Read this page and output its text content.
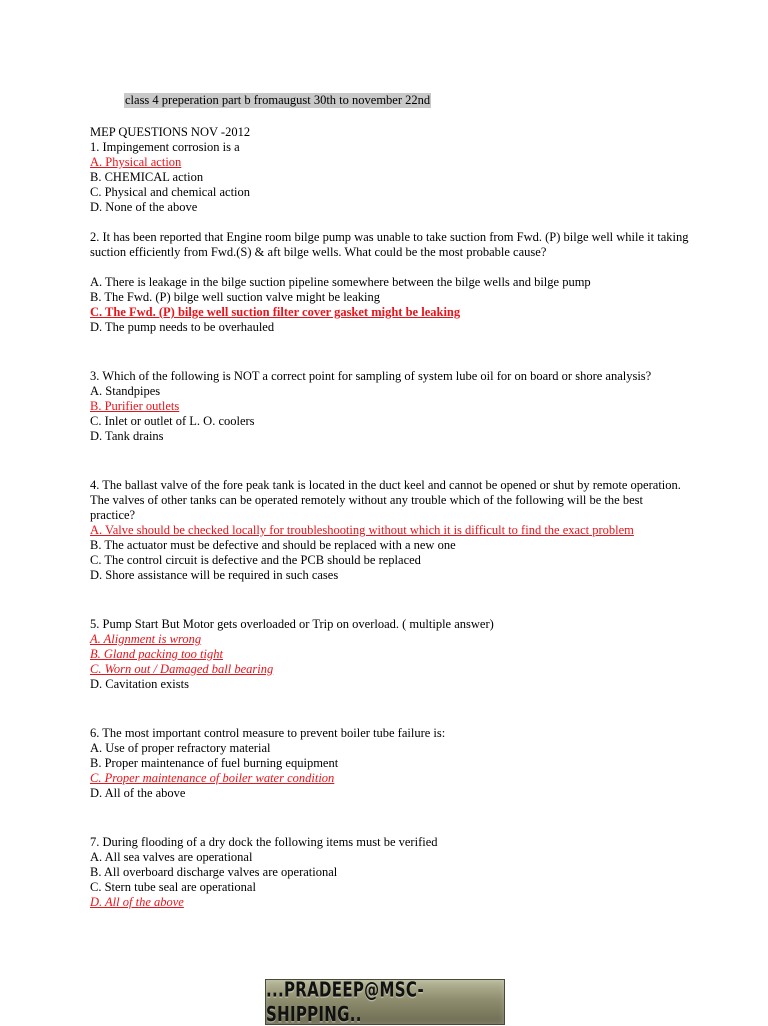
class 4 preperation part b fromaugust 30th to november 22nd
MEP QUESTIONS NOV -2012
1. Impingement corrosion is a
A. Physical action
B. CHEMICAL action
C. Physical and chemical action
D. None of the above
2. It has been reported that Engine room bilge pump was unable to take suction from Fwd. (P) bilge well while it taking suction efficiently from Fwd.(S) & aft bilge wells. What could be the most probable cause?
A. There is leakage in the bilge suction pipeline somewhere between the bilge wells and bilge pump
B. The Fwd. (P) bilge well suction valve might be leaking
C. The Fwd. (P) bilge well suction filter cover gasket might be leaking
D. The pump needs to be overhauled
3. Which of the following is NOT a correct point for sampling of system lube oil for on board or shore analysis?
A. Standpipes
B. Purifier outlets
C. Inlet or outlet of L. O. coolers
D. Tank drains
4. The ballast valve of the fore peak tank is located in the duct keel and cannot be opened or shut by remote operation. The valves of other tanks can be operated remotely without any trouble which of the following will be the best practice?
A. Valve should be checked locally for troubleshooting without which it is difficult to find the exact problem
B. The actuator must be defective and should be replaced with a new one
C. The control circuit is defective and the PCB should be replaced
D. Shore assistance will be required in such cases
5. Pump Start But Motor gets overloaded or Trip on overload. ( multiple answer)
A. Alignment is wrong
B. Gland packing too tight
C. Worn out / Damaged ball bearing
D. Cavitation exists
6. The most important control measure to prevent boiler tube failure is:
A. Use of proper refractory material
B. Proper maintenance of fuel burning equipment
C. Proper maintenance of boiler water condition
D. All of the above
7. During flooding of a dry dock the following items must be verified
A. All sea valves are operational
B. All overboard discharge valves are operational
C. Stern tube seal are operational
D. All of the above
...PRADEEP@MSC-SHIPPING..
